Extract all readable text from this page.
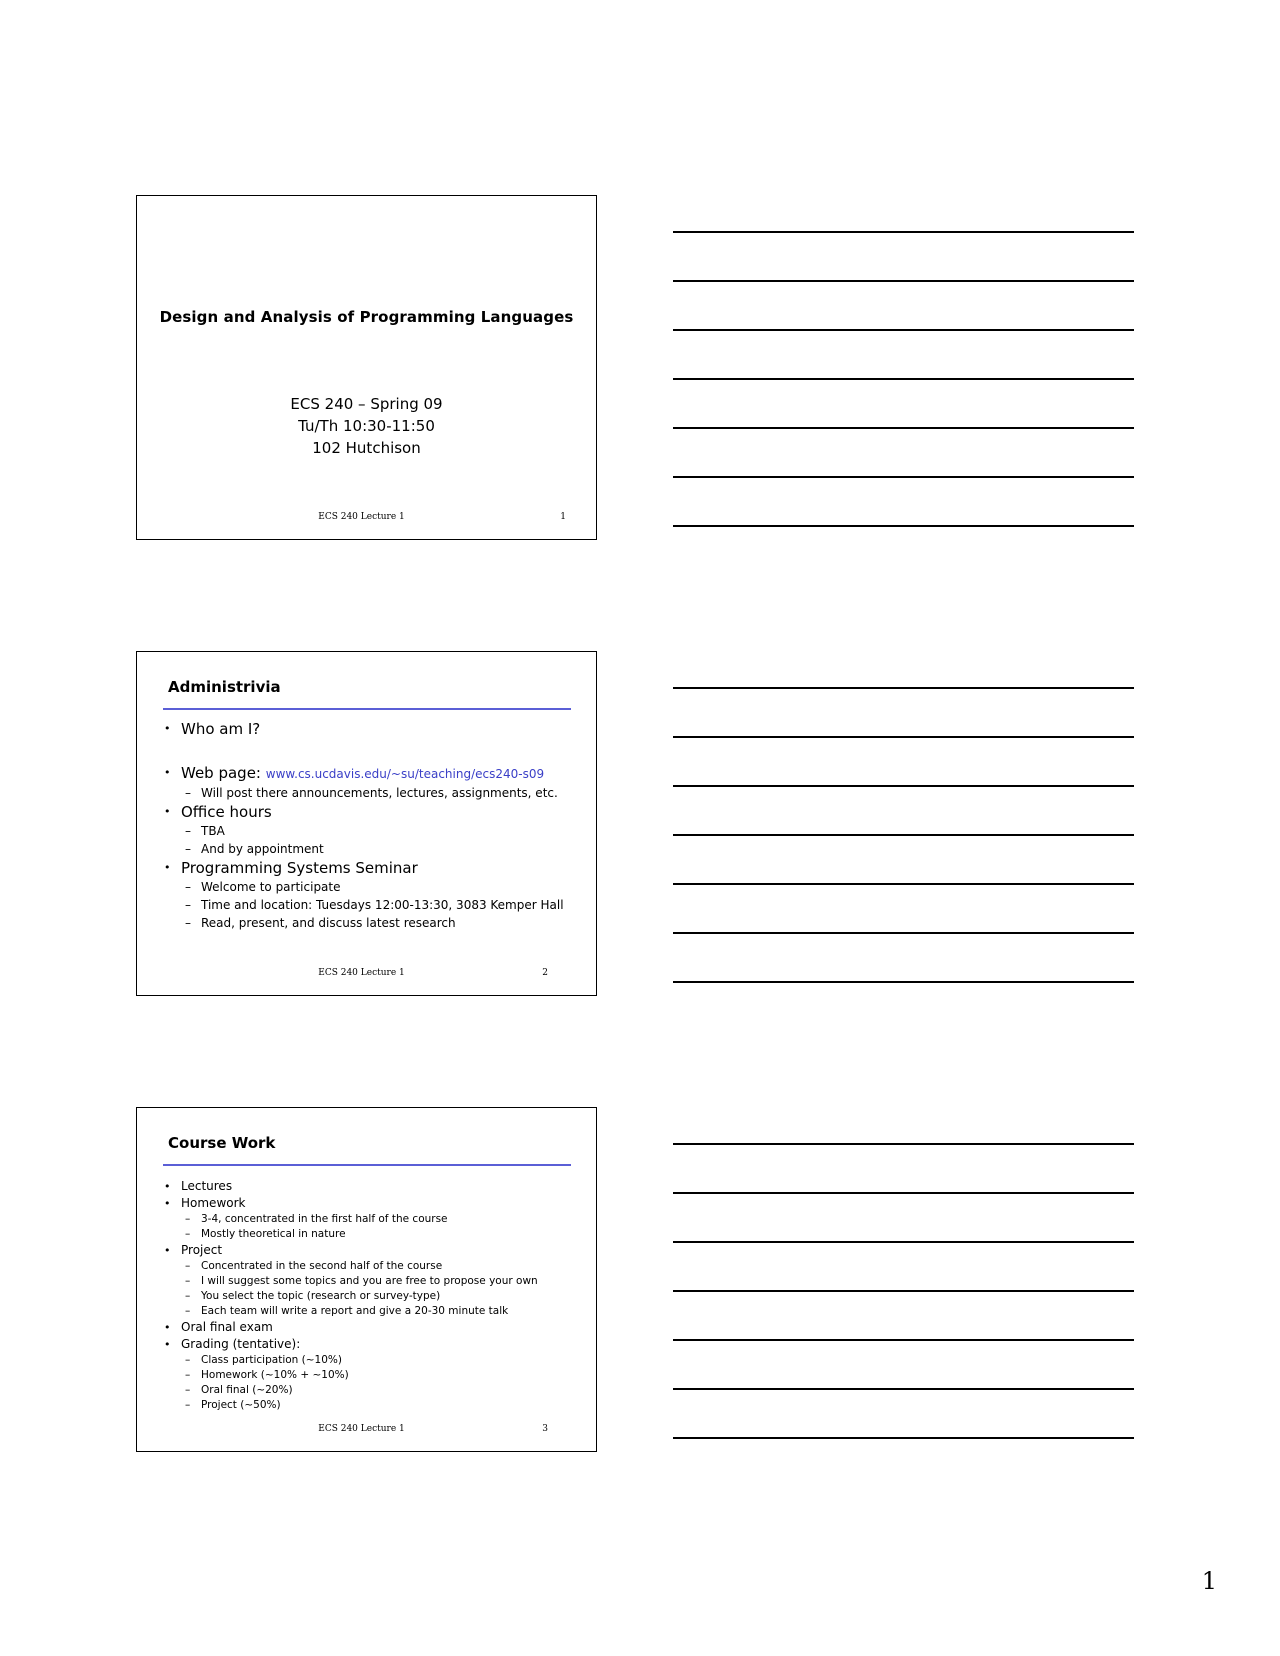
Design and Analysis of Programming Languages
ECS 240 – Spring 09
Tu/Th 10:30-11:50
102 Hutchison
ECS 240 Lecture 1	1
Administrivia
• Who am I?
• Web page: www.cs.ucdavis.edu/~su/teaching/ecs240-s09
– Will post there announcements, lectures, assignments, etc.
• Office hours
– TBA
– And by appointment
• Programming Systems Seminar
– Welcome to participate
– Time and location: Tuesdays 12:00-13:30, 3083 Kemper Hall
– Read, present, and discuss latest research
ECS 240 Lecture 1	2
Course Work
• Lectures
• Homework
– 3-4, concentrated in the first half of the course
– Mostly theoretical in nature
• Project
– Concentrated in the second half of the course
– I will suggest some topics and you are free to propose your own
– You select the topic (research or survey-type)
– Each team will write a report and give a 20-30 minute talk
• Oral final exam
• Grading (tentative):
– Class participation (~10%)
– Homework (~10% + ~10%)
– Oral final (~20%)
– Project (~50%)
ECS 240 Lecture 1	3
1
